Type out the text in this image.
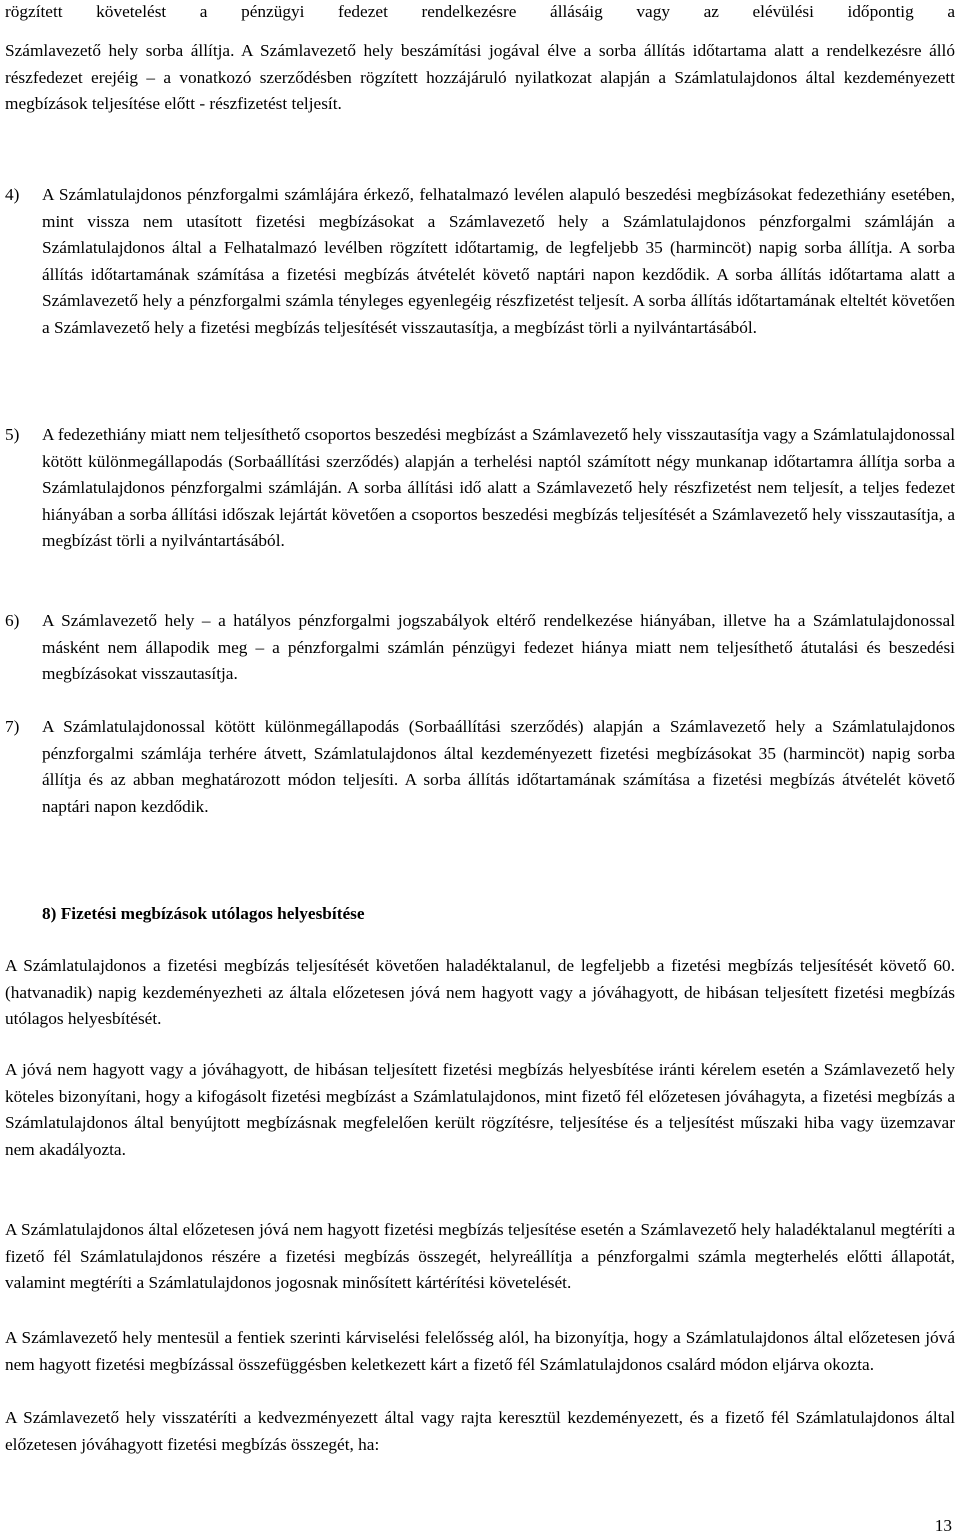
rögzített követelést a pénzügyi fedezet rendelkezésre állásáig vagy az elévülési időpontig a

Számlavezető hely sorba állítja. A Számlavezető hely beszámítási jogával élve a sorba állítás időtartama alatt a rendelkezésre álló részfedezet erejéig – a vonatkozó szerződésben rögzített hozzájáruló nyilatkozat alapján a Számlatulajdonos által kezdeményezett megbízások teljesítése előtt - részfizetést teljesít.

4) A Számlatulajdonos pénzforgalmi számlájára érkező, felhatalmazó levélen alapuló beszedési megbízásokat fedezethiány esetében, mint vissza nem utasított fizetési megbízásokat a Számlavezető hely a Számlatulajdonos pénzforgalmi számláján a Számlatulajdonos által a Felhatalmazó levélben rögzített időtartamig, de legfeljebb 35 (harmincöt) napig sorba állítja. A sorba állítás időtartamának számítása a fizetési megbízás átvételét követő naptári napon kezdődik. A sorba állítás időtartama alatt a Számlavezető hely a pénzforgalmi számla tényleges egyenlegéig részfizetést teljesít. A sorba állítás időtartamának elteltét követően a Számlavezető hely a fizetési megbízás teljesítését visszautasítja, a megbízást törli a nyilvántartásából.
5) A fedezethiány miatt nem teljesíthető csoportos beszedési megbízást a Számlavezető hely visszautasítja vagy a Számlatulajdonossal kötött különmegállapodás (Sorbaállítási szerződés) alapján a terhelési naptól számított négy munkanap időtartamra állítja sorba a Számlatulajdonos pénzforgalmi számláján. A sorba állítási idő alatt a Számlavezető hely részfizetést nem teljesít, a teljes fedezet hiányában a sorba állítási időszak lejártát követően a csoportos beszedési megbízás teljesítését a Számlavezető hely visszautasítja, a megbízást törli a nyilvántartásából.
6) A Számlavezető hely – a hatályos pénzforgalmi jogszabályok eltérő rendelkezése hiányában, illetve ha a Számlatulajdonossal másként nem állapodik meg – a pénzforgalmi számlán pénzügyi fedezet hiánya miatt nem teljesíthető átutalási és beszedési megbízásokat visszautasítja.
7) A Számlatulajdonossal kötött különmegállapodás (Sorbaállítási szerződés) alapján a Számlavezető hely a Számlatulajdonos pénzforgalmi számlája terhére átvett, Számlatulajdonos által kezdeményezett fizetési megbízásokat 35 (harmincöt) napig sorba állítja és az abban meghatározott módon teljesíti. A sorba állítás időtartamának számítása a fizetési megbízás átvételét követő naptári napon kezdődik.
8) Fizetési megbízások utólagos helyesbítése

A Számlatulajdonos a fizetési megbízás teljesítését követően haladéktalanul, de legfeljebb a fizetési megbízás teljesítését követő 60. (hatvanadik) napig kezdeményezheti az általa előzetesen jóvá nem hagyott vagy a jóváhagyott, de hibásan teljesített fizetési megbízás utólagos helyesbítését.

A jóvá nem hagyott vagy a jóváhagyott, de hibásan teljesített fizetési megbízás helyesbítése iránti kérelem esetén a Számlavezető hely köteles bizonyítani, hogy a kifogásolt fizetési megbízást a Számlatulajdonos, mint fizető fél előzetesen jóváhagyta, a fizetési megbízás a Számlatulajdonos által benyújtott megbízásnak megfelelően került rögzítésre, teljesítése és a teljesítést műszaki hiba vagy üzemzavar nem akadályozta.

A Számlatulajdonos által előzetesen jóvá nem hagyott fizetési megbízás teljesítése esetén a Számlavezető hely haladéktalanul megtéríti a fizető fél Számlatulajdonos részére a fizetési megbízás összegét, helyreállítja a pénzforgalmi számla megterhelés előtti állapotát, valamint megtéríti a Számlatulajdonos jogosnak minősített kártérítési követelését.

A Számlavezető hely mentesül a fentiek szerinti kárviselési felelősség alól, ha bizonyítja, hogy a Számlatulajdonos által előzetesen jóvá nem hagyott fizetési megbízással összefüggésben keletkezett kárt a fizető fél Számlatulajdonos csalárd módon eljárva okozta.

A Számlavezető hely visszatéríti a kedvezményezett által vagy rajta keresztül kezdeményezett, és a fizető fél Számlatulajdonos által előzetesen jóváhagyott fizetési megbízás összegét, ha:

13
